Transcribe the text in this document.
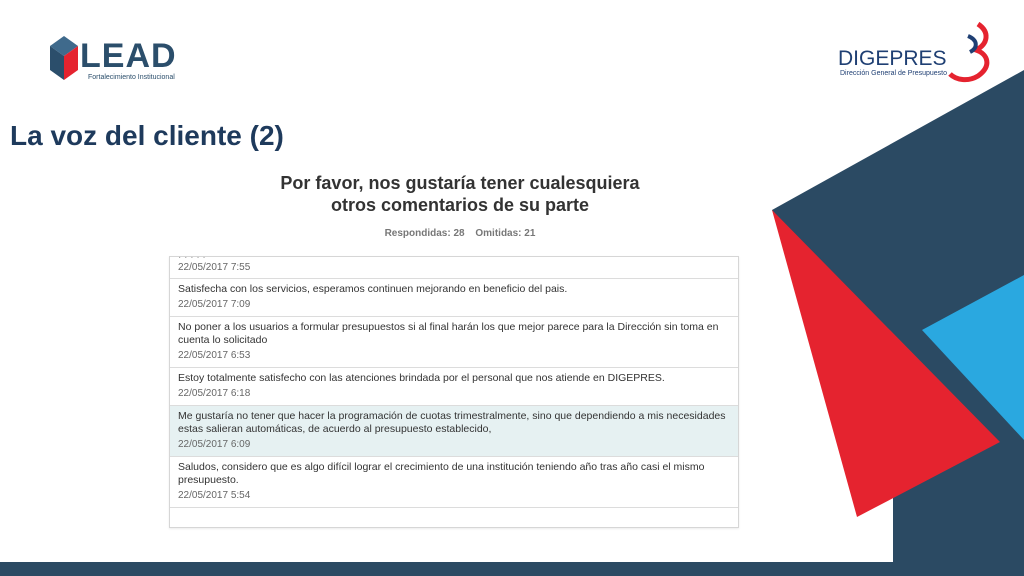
LEAD
Fortalecimiento Institucional
DIGEPRES
Dirección General de Presupuesto
La voz del cliente (2)
Por favor, nos gustaría tener cualesquiera
otros comentarios de su parte
Respondidas: 28 Omitidas: 21
· · · · ·
22/05/2017 7:55
Satisfecha con los servicios, esperamos continuen mejorando en beneficio del pais.
22/05/2017 7:09
No poner a los usuarios a formular presupuestos si al final harán los que mejor parece para la Dirección sin toma en cuenta lo solicitado
22/05/2017 6:53
Estoy totalmente satisfecho con las atenciones brindada por el personal que nos atiende en DIGEPRES.
22/05/2017 6:18
Me gustaría no tener que hacer la programación de cuotas trimestralmente, sino que dependiendo a mis necesidades estas salieran automáticas, de acuerdo al presupuesto establecido,
22/05/2017 6:09
Saludos, considero que es algo difícil lograr el crecimiento de una institución teniendo año tras año casi el mismo presupuesto.
22/05/2017 5:54
